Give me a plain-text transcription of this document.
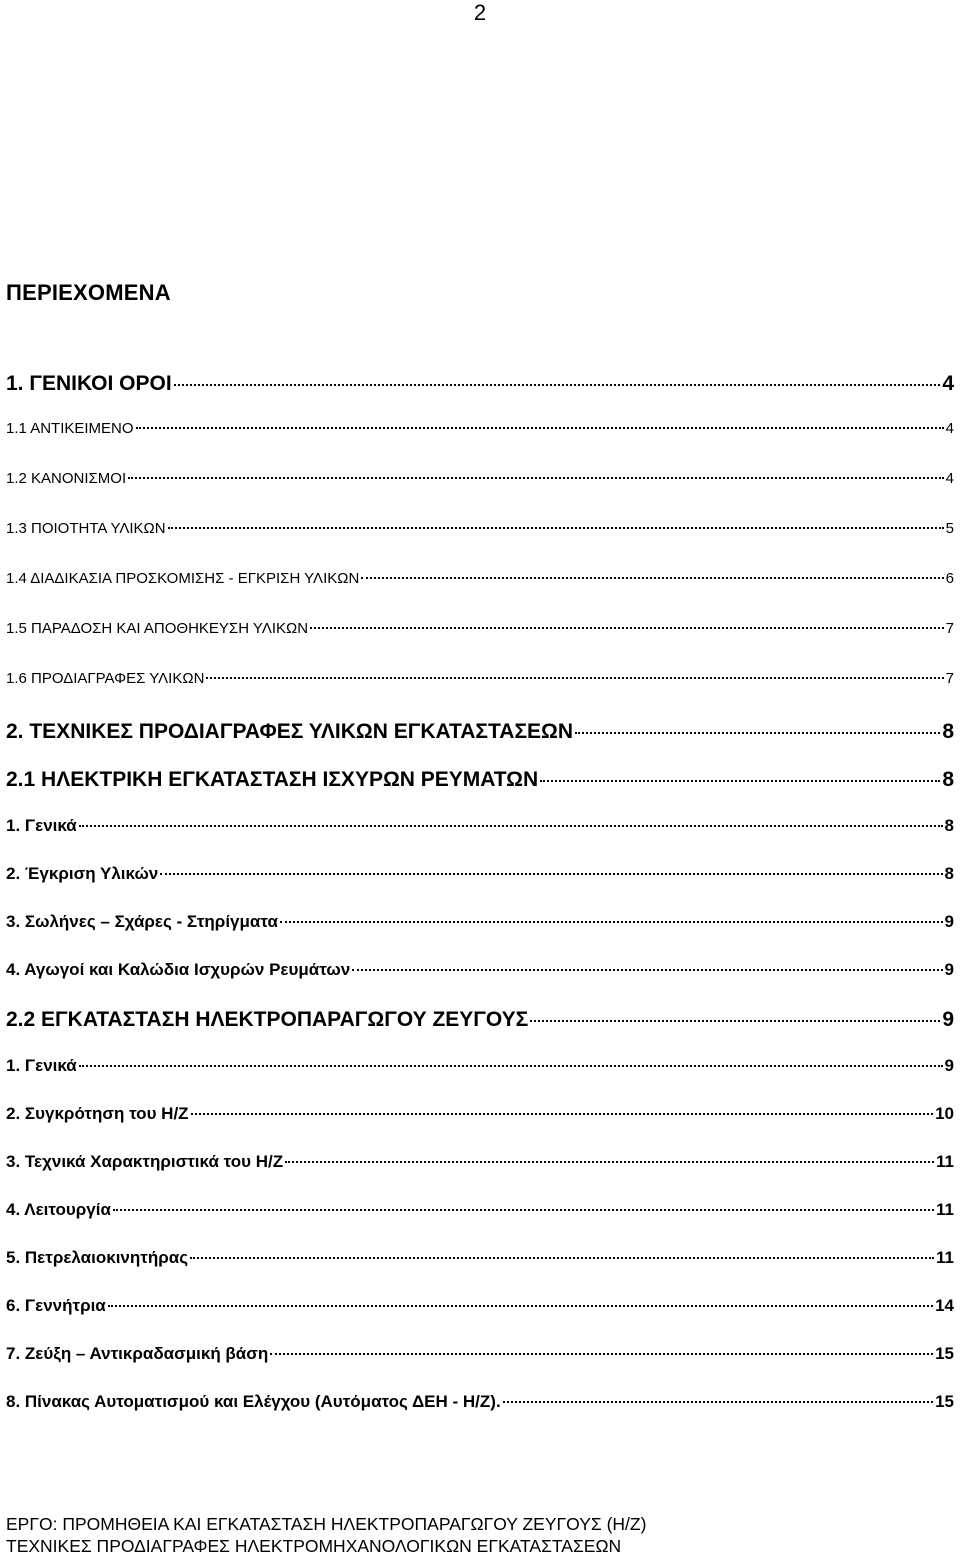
2
ΠΕΡΙΕΧΟΜΕΝΑ
1. ΓΕΝΙΚΟΙ ΟΡΟΙ	4
1.1 ΑΝΤΙΚΕΙΜΕΝΟ	4
1.2 ΚΑΝΟΝΙΣΜΟΙ	4
1.3 ΠΟΙΟΤΗΤΑ ΥΛΙΚΩΝ	5
1.4 ΔΙΑΔΙΚΑΣΙΑ ΠΡΟΣΚΟΜΙΣΗΣ - ΕΓΚΡΙΣΗ ΥΛΙΚΩΝ	6
1.5 ΠΑΡΑΔΟΣΗ ΚΑΙ ΑΠΟΘΗΚΕΥΣΗ ΥΛΙΚΩΝ	7
1.6 ΠΡΟΔΙΑΓΡΑΦΕΣ ΥΛΙΚΩΝ	7
2. ΤΕΧΝΙΚΕΣ ΠΡΟΔΙΑΓΡΑΦΕΣ ΥΛΙΚΩΝ ΕΓΚΑΤΑΣΤΑΣΕΩΝ	8
2.1 ΗΛΕΚΤΡΙΚΗ ΕΓΚΑΤΑΣΤΑΣΗ ΙΣΧΥΡΩΝ ΡΕΥΜΑΤΩΝ	8
1. Γενικά	8
2. Έγκριση Υλικών	8
3. Σωλήνες – Σχάρες - Στηρίγματα	9
4. Αγωγοί και Καλώδια Ισχυρών Ρευμάτων	9
2.2 ΕΓΚΑΤΑΣΤΑΣΗ ΗΛΕΚΤΡΟΠΑΡΑΓΩΓΟΥ ΖΕΥΓΟΥΣ	9
1. Γενικά	9
2. Συγκρότηση του Η/Ζ	10
3. Τεχνικά Χαρακτηριστικά του Η/Ζ	11
4. Λειτουργία	11
5. Πετρελαιοκινητήρας	11
6. Γεννήτρια	14
7. Ζεύξη – Αντικραδασμική βάση	15
8. Πίνακας Αυτοματισμού και Ελέγχου (Αυτόματος ΔΕΗ - Η/Ζ).	15
ΕΡΓΟ: ΠΡΟΜΗΘΕΙΑ ΚΑΙ ΕΓΚΑΤΑΣΤΑΣΗ ΗΛΕΚΤΡΟΠΑΡΑΓΩΓΟΥ ΖΕΥΓΟΥΣ (Η/Ζ)
ΤΕΧΝΙΚΕΣ ΠΡΟΔΙΑΓΡΑΦΕΣ ΗΛΕΚΤΡΟΜΗΧΑΝΟΛΟΓΙΚΩΝ ΕΓΚΑΤΑΣΤΑΣΕΩΝ
